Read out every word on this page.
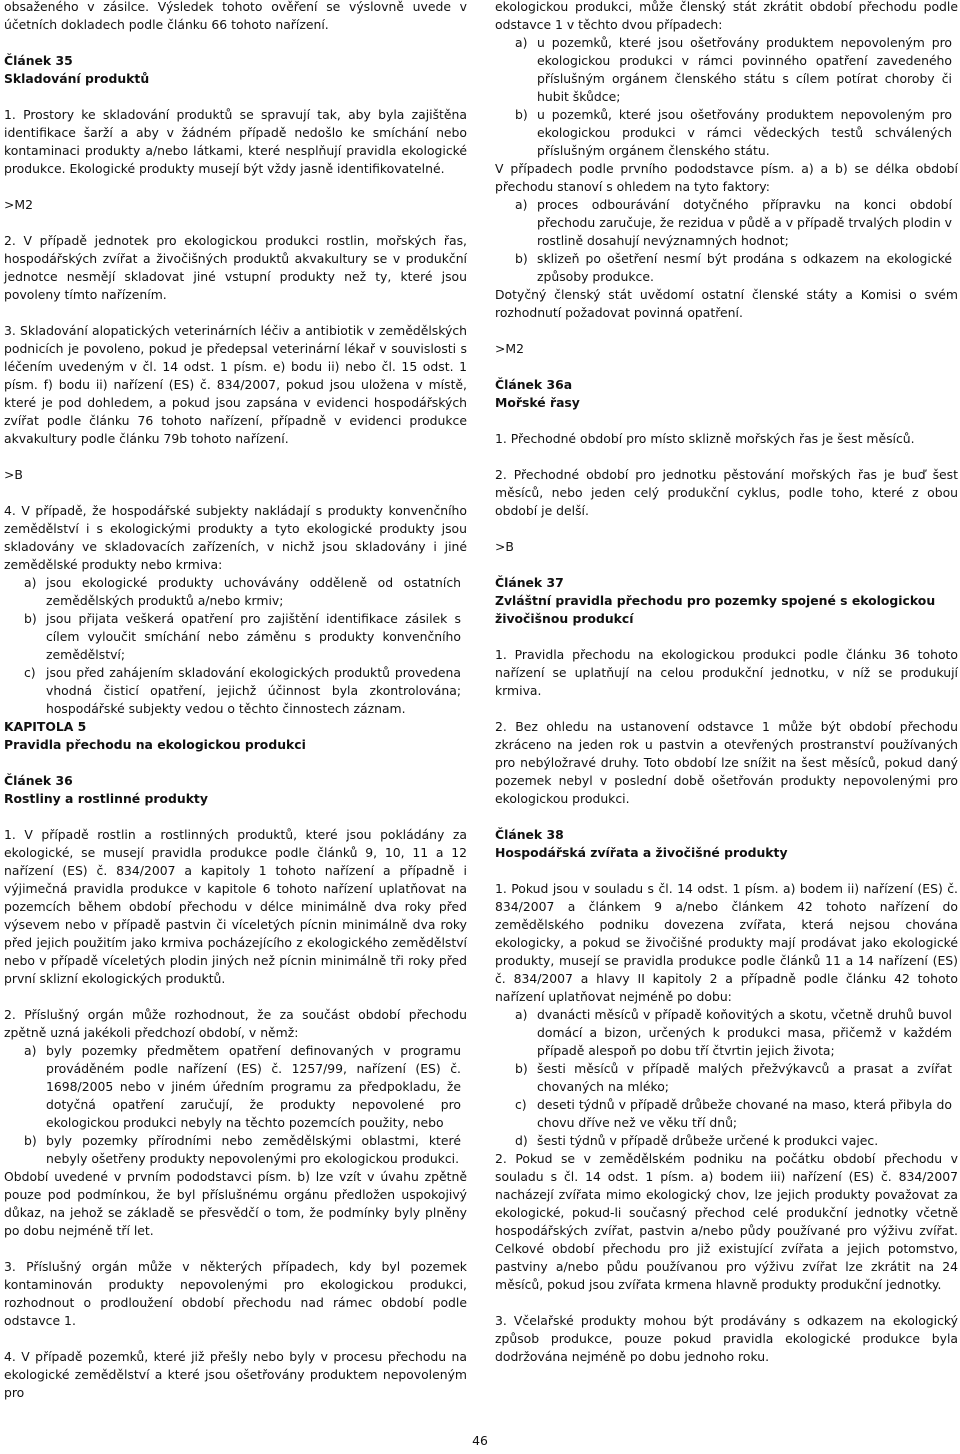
obsaženého v zásilce. Výsledek tohoto ověření se výslovně uvede v účetních dokladech podle článku 66 tohoto nařízení.

Článek 35
Skladování produktů

1. Prostory ke skladování produktů se spravují tak, aby byla zajištěna identifikace šarží a aby v žádném případě nedošlo ke smíchání nebo kontaminaci produkty a/nebo látkami, které nesplňují pravidla ekologické produkce. Ekologické produkty musejí být vždy jasně identifikovatelné.

>M2

2. V případě jednotek pro ekologickou produkci rostlin, mořských řas, hospodářských zvířat a živočišných produktů akvakultury se v produkční jednotce nesmějí skladovat jiné vstupní produkty než ty, které jsou povoleny tímto nařízením.

3. Skladování alopatických veterinárních léčiv a antibiotik v zemědělských podnicích je povoleno, pokud je předepsal veterinární lékař v souvislosti s léčením uvedeným v čl. 14 odst. 1 písm. e) bodu ii) nebo čl. 15 odst. 1 písm. f) bodu ii) nařízení (ES) č. 834/2007, pokud jsou uložena v místě, které je pod dohledem, a pokud jsou zapsána v evidenci hospodářských zvířat podle článku 76 tohoto nařízení, případně v evidenci produkce akvakultury podle článku 79b tohoto nařízení.

>B

4. V případě, že hospodářské subjekty nakládají s produkty konvenčního zemědělství i s ekologickými produkty a tyto ekologické produkty jsou skladovány ve skladovacích zařízeních, v nichž jsou skladovány i jiné zemědělské produkty nebo krmiva:

a) jsou ekologické produkty uchovávány odděleně od ostatních zemědělských produktů a/nebo krmiv;
b) jsou přijata veškerá opatření pro zajištění identifikace zásilek s cílem vyloučit smíchání nebo záměnu s produkty konvenčního zemědělství;
c) jsou před zahájením skladování ekologických produktů provedena vhodná čisticí opatření, jejichž účinnost byla zkontrolována; hospodářské subjekty vedou o těchto činnostech záznam.
KAPITOLA 5
Pravidla přechodu na ekologickou produkci
Článek 36
Rostliny a rostlinné produkty

1. V případě rostlin a rostlinných produktů, které jsou pokládány za ekologické, se musejí pravidla produkce podle článků 9, 10, 11 a 12 nařízení (ES) č. 834/2007 a kapitoly 1 tohoto nařízení a případně i výjimečná pravidla produkce v kapitole 6 tohoto nařízení uplatňovat na pozemcích během období přechodu v délce minimálně dva roky před výsevem nebo v případě pastvin či víceletých pícnin minimálně dva roky před jejich použitím jako krmiva pocházejícího z ekologického zemědělství nebo v případě víceletých plodin jiných než pícnin minimálně tři roky před první sklizní ekologických produktů.

2. Příslušný orgán může rozhodnout, že za součást období přechodu zpětně uzná jakékoli předchozí období, v němž:

a) byly pozemky předmětem opatření definovaných v programu prováděném podle nařízení (ES) č. 1257/99, nařízení (ES) č. 1698/2005 nebo v jiném úředním programu za předpokladu, že dotyčná opatření zaručují, že produkty nepovolené pro ekologickou produkci nebyly na těchto pozemcích použity, nebo
b) byly pozemky přírodními nebo zemědělskými oblastmi, které nebyly ošetřeny produkty nepovolenými pro ekologickou produkci.

Období uvedené v prvním pododstavci písm. b) lze vzít v úvahu zpětně pouze pod podmínkou, že byl příslušnému orgánu předložen uspokojivý důkaz, na jehož se základě se přesvědčí o tom, že podmínky byly plněny po dobu nejméně tří let.

3. Příslušný orgán může v některých případech, kdy byl pozemek kontaminován produkty nepovolenými pro ekologickou produkci, rozhodnout o prodloužení období přechodu nad rámec období podle odstavce 1.

4. V případě pozemků, které již přešly nebo byly v procesu přechodu na ekologické zemědělství a které jsou ošetřovány produktem nepovoleným pro

ekologickou produkci, může členský stát zkrátit období přechodu podle odstavce 1 v těchto dvou případech:

a) u pozemků, které jsou ošetřovány produktem nepovoleným pro ekologickou produkci v rámci povinného opatření zavedeného příslušným orgánem členského státu s cílem potírat choroby či hubit škůdce;
b) u pozemků, které jsou ošetřovány produktem nepovoleným pro ekologickou produkci v rámci vědeckých testů schválených příslušným orgánem členského státu.

V případech podle prvního pododstavce písm. a) a b) se délka období přechodu stanoví s ohledem na tyto faktory:

a) proces odbourávání dotyčného přípravku na konci období přechodu zaručuje, že rezidua v půdě a v případě trvalých plodin v rostlině dosahují nevýznamných hodnot;
b) sklizeň po ošetření nesmí být prodána s odkazem na ekologické způsoby produkce.

Dotyčný členský stát uvědomí ostatní členské státy a Komisi o svém rozhodnutí požadovat povinná opatření.

>M2

Článek 36a
Mořské řasy

1. Přechodné období pro místo sklizně mořských řas je šest měsíců.

2. Přechodné období pro jednotku pěstování mořských řas je buď šest měsíců, nebo jeden celý produkční cyklus, podle toho, které z obou období je delší.

>B

Článek 37
Zvláštní pravidla přechodu pro pozemky spojené s ekologickou živočišnou produkcí

1. Pravidla přechodu na ekologickou produkci podle článku 36 tohoto nařízení se uplatňují na celou produkční jednotku, v níž se produkují krmiva.

2. Bez ohledu na ustanovení odstavce 1 může být období přechodu zkráceno na jeden rok u pastvin a otevřených prostranství používaných pro nebýložravé druhy. Toto období lze snížit na šest měsíců, pokud daný pozemek nebyl v poslední době ošetřován produkty nepovolenými pro ekologickou produkci.

Článek 38
Hospodářská zvířata a živočišné produkty

1. Pokud jsou v souladu s čl. 14 odst. 1 písm. a) bodem ii) nařízení (ES) č. 834/2007 a článkem 9 a/nebo článkem 42 tohoto nařízení do zemědělského podniku dovezena zvířata, která nejsou chována ekologicky, a pokud se živočišné produkty mají prodávat jako ekologické produkty, musejí se pravidla produkce podle článků 11 a 14 nařízení (ES) č. 834/2007 a hlavy II kapitoly 2 a případně podle článku 42 tohoto nařízení uplatňovat nejméně po dobu:

a) dvanácti měsíců v případě koňovitých a skotu, včetně druhů buvol domácí a bizon, určených k produkci masa, přičemž v každém případě alespoň po dobu tří čtvrtin jejich života;
b) šesti měsíců v případě malých přežvýkavců a prasat a zvířat chovaných na mléko;
c) deseti týdnů v případě drůbeže chované na maso, která přibyla do chovu dříve než ve věku tří dnů;
d) šesti týdnů v případě drůbeže určené k produkci vajec.

2. Pokud se v zemědělském podniku na počátku období přechodu v souladu s čl. 14 odst. 1 písm. a) bodem iii) nařízení (ES) č. 834/2007 nacházejí zvířata mimo ekologický chov, lze jejich produkty považovat za ekologické, pokud-li současný přechod celé produkční jednotky včetně hospodářských zvířat, pastvin a/nebo půdy používané pro výživu zvířat. Celkové období přechodu pro již existující zvířata a jejich potomstvo, pastviny a/nebo půdu používanou pro výživu zvířat lze zkrátit na 24 měsíců, pokud jsou zvířata krmena hlavně produkty produkční jednotky.

3. Včelařské produkty mohou být prodávány s odkazem na ekologický způsob produkce, pouze pokud pravidla ekologické produkce byla dodržována nejméně po dobu jednoho roku.

46
